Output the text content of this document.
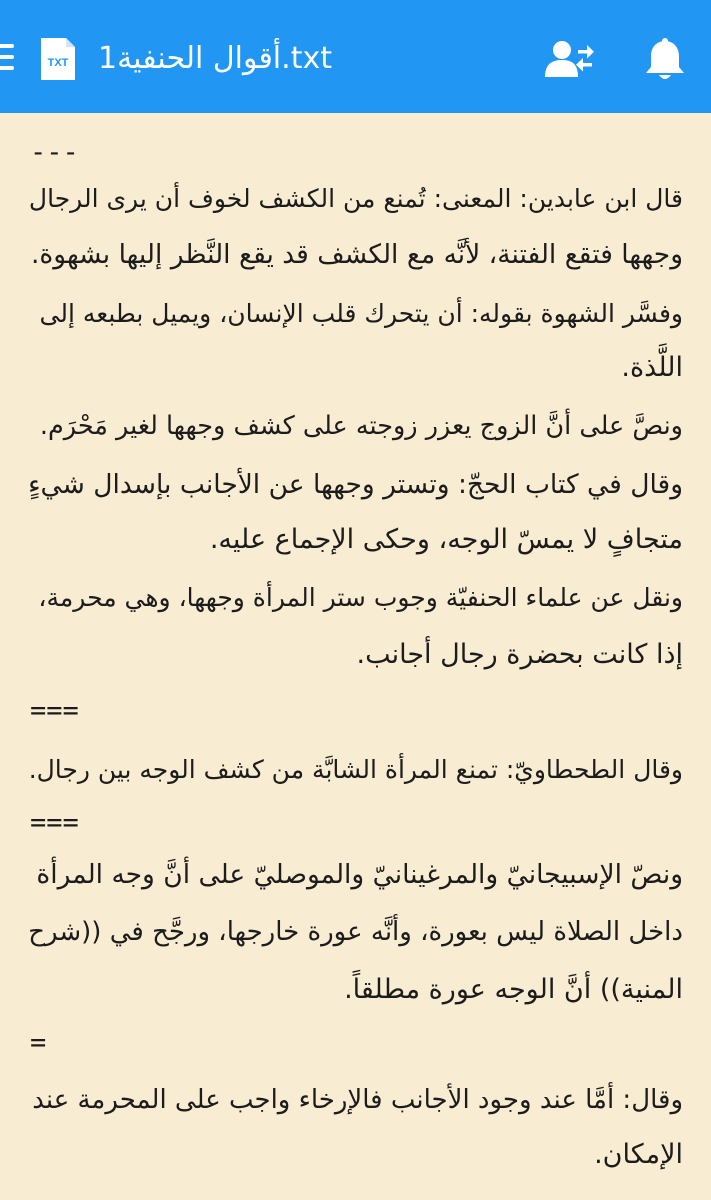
TXT أقوال الحنفية1.txt
---
قال ابن عابدين: المعنى: تُمنع من الكشف لخوف أن يرى الرجال
وجهها فتقع الفتنة، لأنَّه مع الكشف قد يقع النَّظر إليها بشهوة.
وفسَّر الشهوة بقوله: أن يتحرك قلب الإنسان، ويميل بطبعه إلى
اللَّذة.
ونصَّ على أنَّ الزوج يعزر زوجته على كشف وجهها لغير مَحْرَم.
وقال في كتاب الحجّ: وتستر وجهها عن الأجانب بإسدال شيءٍ
متجافٍ لا يمسّ الوجه، وحكى الإجماع عليه.
ونقل عن علماء الحنفيّة وجوب ستر المرأة وجهها، وهي محرمة،
إذا كانت بحضرة رجال أجانب.
===
وقال الطحطاويّ: تمنع المرأة الشابَّة من كشف الوجه بين رجال.
===
ونصّ الإسبيجانيّ والمرغينانيّ والموصليّ على أنَّ وجه المرأة
داخل الصلاة ليس بعورة، وأنَّه عورة خارجها، ورجَّح في ((شرح
المنية)) أنَّ الوجه عورة مطلقاً.
=
وقال: أمَّا عند وجود الأجانب فالإرخاء واجب على المحرمة عند
الإمكان.
